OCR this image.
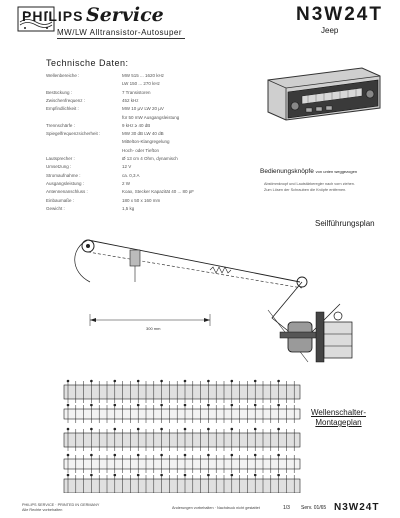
PHILIPS Service
MW/LW Alltransistor-Autosuper
N3W24T
Jeep
Technische Daten:
Wellenbereiche :	MW 515 ... 1620 kHz
LW 150 ... 270 kHz
Bestückung :	7 Transistoren
Zwischenfrequenz :	452 kHz
Empfindlichkeit :	MW 10 µV LW 20 µV
für 50 mW Ausgangsleistung
Trennschärfe :	9 kHz ≥ 40 dB
Spiegelfrequenzsicherheit :	MW 30 dB LW 40 dB
Mittelton-Klangregelung
Hoch- oder Tiefton
Lautsprecher :	Ø 13 cm 4 Ohm, dynamisch
Umsetzung :	12 V
Stromaufnahme :	ca. 0,3 A
Ausgangsleistung :	2 W
Antennenanschluss :	Koax, Stecker Kapazität 40 ... 80 pF
Einbaumaße :	180 x 50 x 160 mm
Gewicht :	1,5 kg
Bedienungsknöpfe von unten weggezogen
Abstimmknopf und Lautstärkeregler nach vorn ziehen.
Zum Lösen der Schrauben die Knöpfe entfernen.
Seilführungsplan
300 mm
Wellenschalter-
Montageplan
PHILIPS SERVICE · PRINTED IN GERMANY
Alle Rechte vorbehalten	Änderungen vorbehalten · Nachdruck nicht gestattet	1/3 Serv. 01/65 N3W24T
